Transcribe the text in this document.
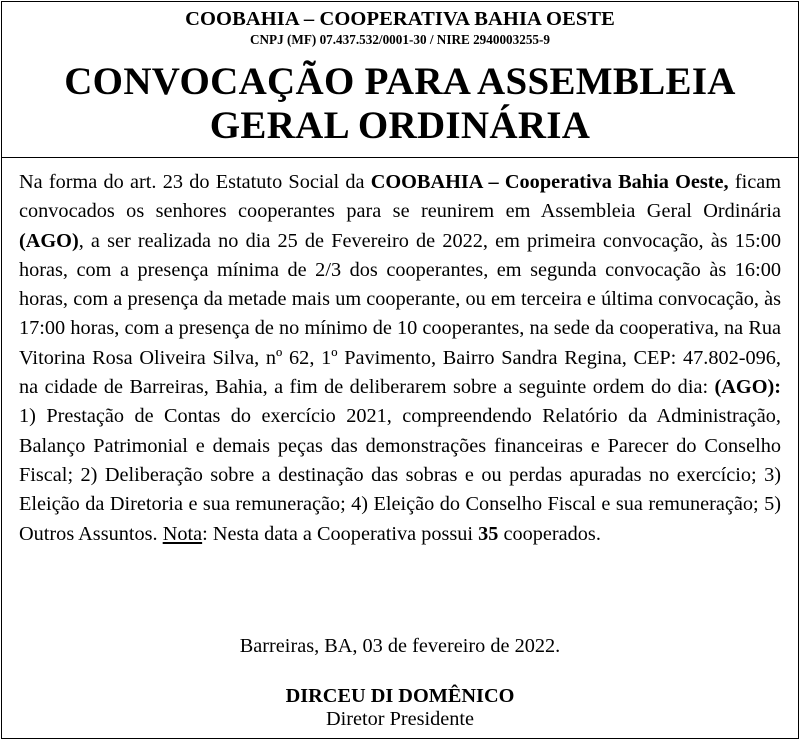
COOBAHIA – COOPERATIVA BAHIA OESTE
CNPJ (MF) 07.437.532/0001-30 / NIRE 2940003255-9
CONVOCAÇÃO PARA ASSEMBLEIA
GERAL ORDINÁRIA

Na forma do art. 23 do Estatuto Social da COOBAHIA – Cooperativa Bahia Oeste, ficam convocados os senhores cooperantes para se reunirem em Assembleia Geral Ordinária (AGO), a ser realizada no dia 25 de Fevereiro de 2022, em primeira convocação, às 15:00 horas, com a presença mínima de 2/3 dos cooperantes, em segunda convocação às 16:00 horas, com a presença da metade mais um cooperante, ou em terceira e última convocação, às 17:00 horas, com a presença de no mínimo de 10 cooperantes, na sede da cooperativa, na Rua Vitorina Rosa Oliveira Silva, nº 62, 1º Pavimento, Bairro Sandra Regina, CEP: 47.802-096, na cidade de Barreiras, Bahia, a fim de deliberarem sobre a seguinte ordem do dia: (AGO): 1) Prestação de Contas do exercício 2021, compreendendo Relatório da Administração, Balanço Patrimonial e demais peças das demonstrações financeiras e Parecer do Conselho Fiscal; 2) Deliberação sobre a destinação das sobras e ou perdas apuradas no exercício; 3) Eleição da Diretoria e sua remuneração; 4) Eleição do Conselho Fiscal e sua remuneração; 5) Outros Assuntos. Nota: Nesta data a Cooperativa possui 35 cooperados.

Barreiras, BA, 03 de fevereiro de 2022.
DIRCEU DI DOMÊNICO
Diretor Presidente
